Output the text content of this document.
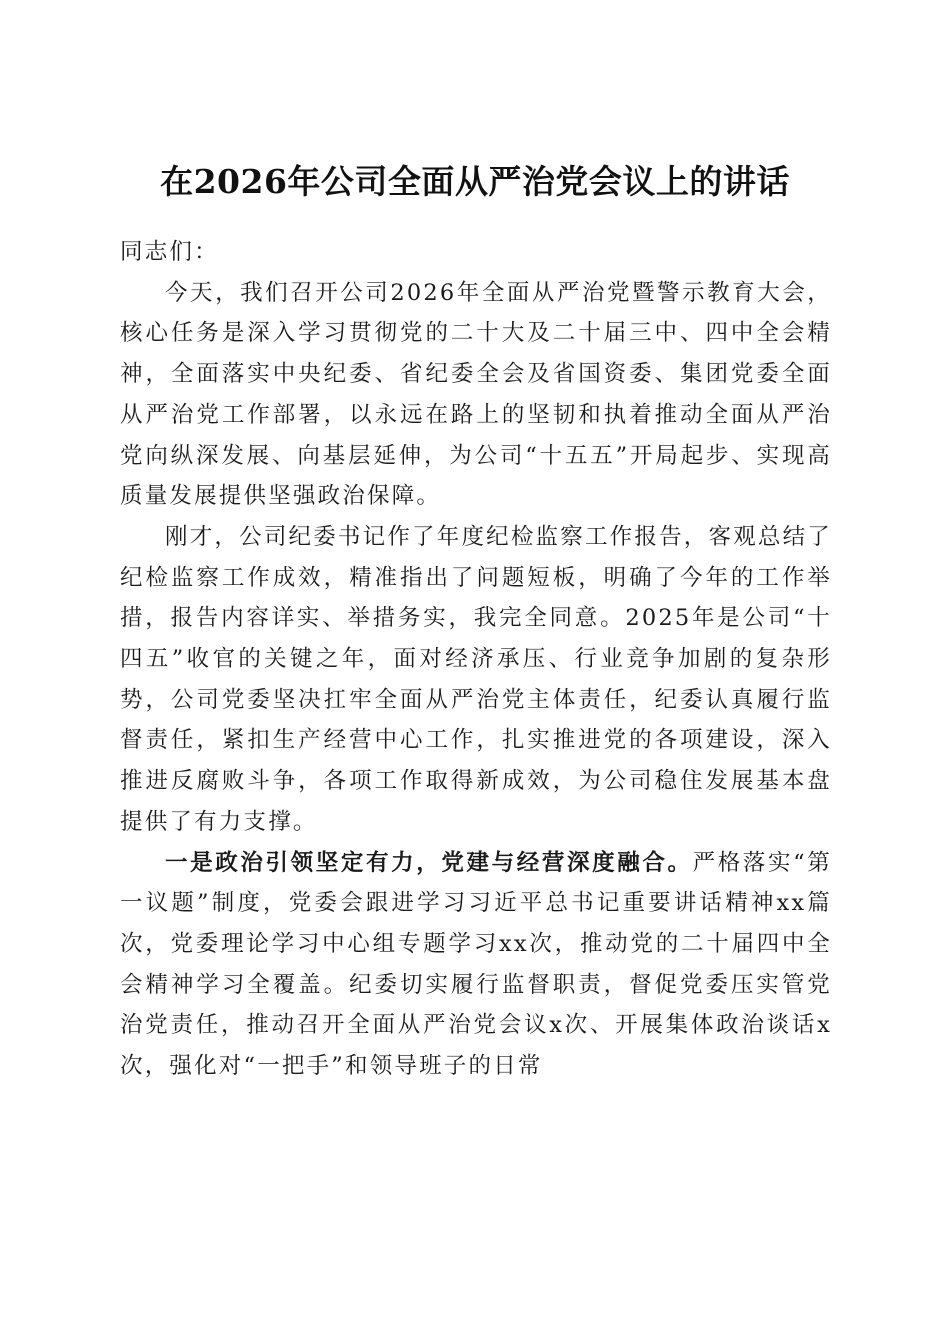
在2026年公司全面从严治党会议上的讲话

同志们：

今天，我们召开公司2026年全面从严治党暨警示教育大会，核心任务是深入学习贯彻党的二十大及二十届三中、四中全会精神，全面落实中央纪委、省纪委全会及省国资委、集团党委全面从严治党工作部署，以永远在路上的坚韧和执着推动全面从严治党向纵深发展、向基层延伸，为公司“十五五”开局起步、实现高质量发展提供坚强政治保障。

刚才，公司纪委书记作了年度纪检监察工作报告，客观总结了纪检监察工作成效，精准指出了问题短板，明确了今年的工作举措，报告内容详实、举措务实，我完全同意。2025年是公司“十四五”收官的关键之年，面对经济承压、行业竞争加剧的复杂形势，公司党委坚决扛牢全面从严治党主体责任，纪委认真履行监督责任，紧扣生产经营中心工作，扎实推进党的各项建设，深入推进反腐败斗争，各项工作取得新成效，为公司稳住发展基本盘提供了有力支撑。

一是政治引领坚定有力，党建与经营深度融合。严格落实“第一议题”制度，党委会跟进学习习近平总书记重要讲话精神xx篇次，党委理论学习中心组专题学习xx次，推动党的二十届四中全会精神学习全覆盖。纪委切实履行监督职责，督促党委压实管党治党责任，推动召开全面从严治党会议x次、开展集体政治谈话x次，强化对“一把手”和领导班子的日常
